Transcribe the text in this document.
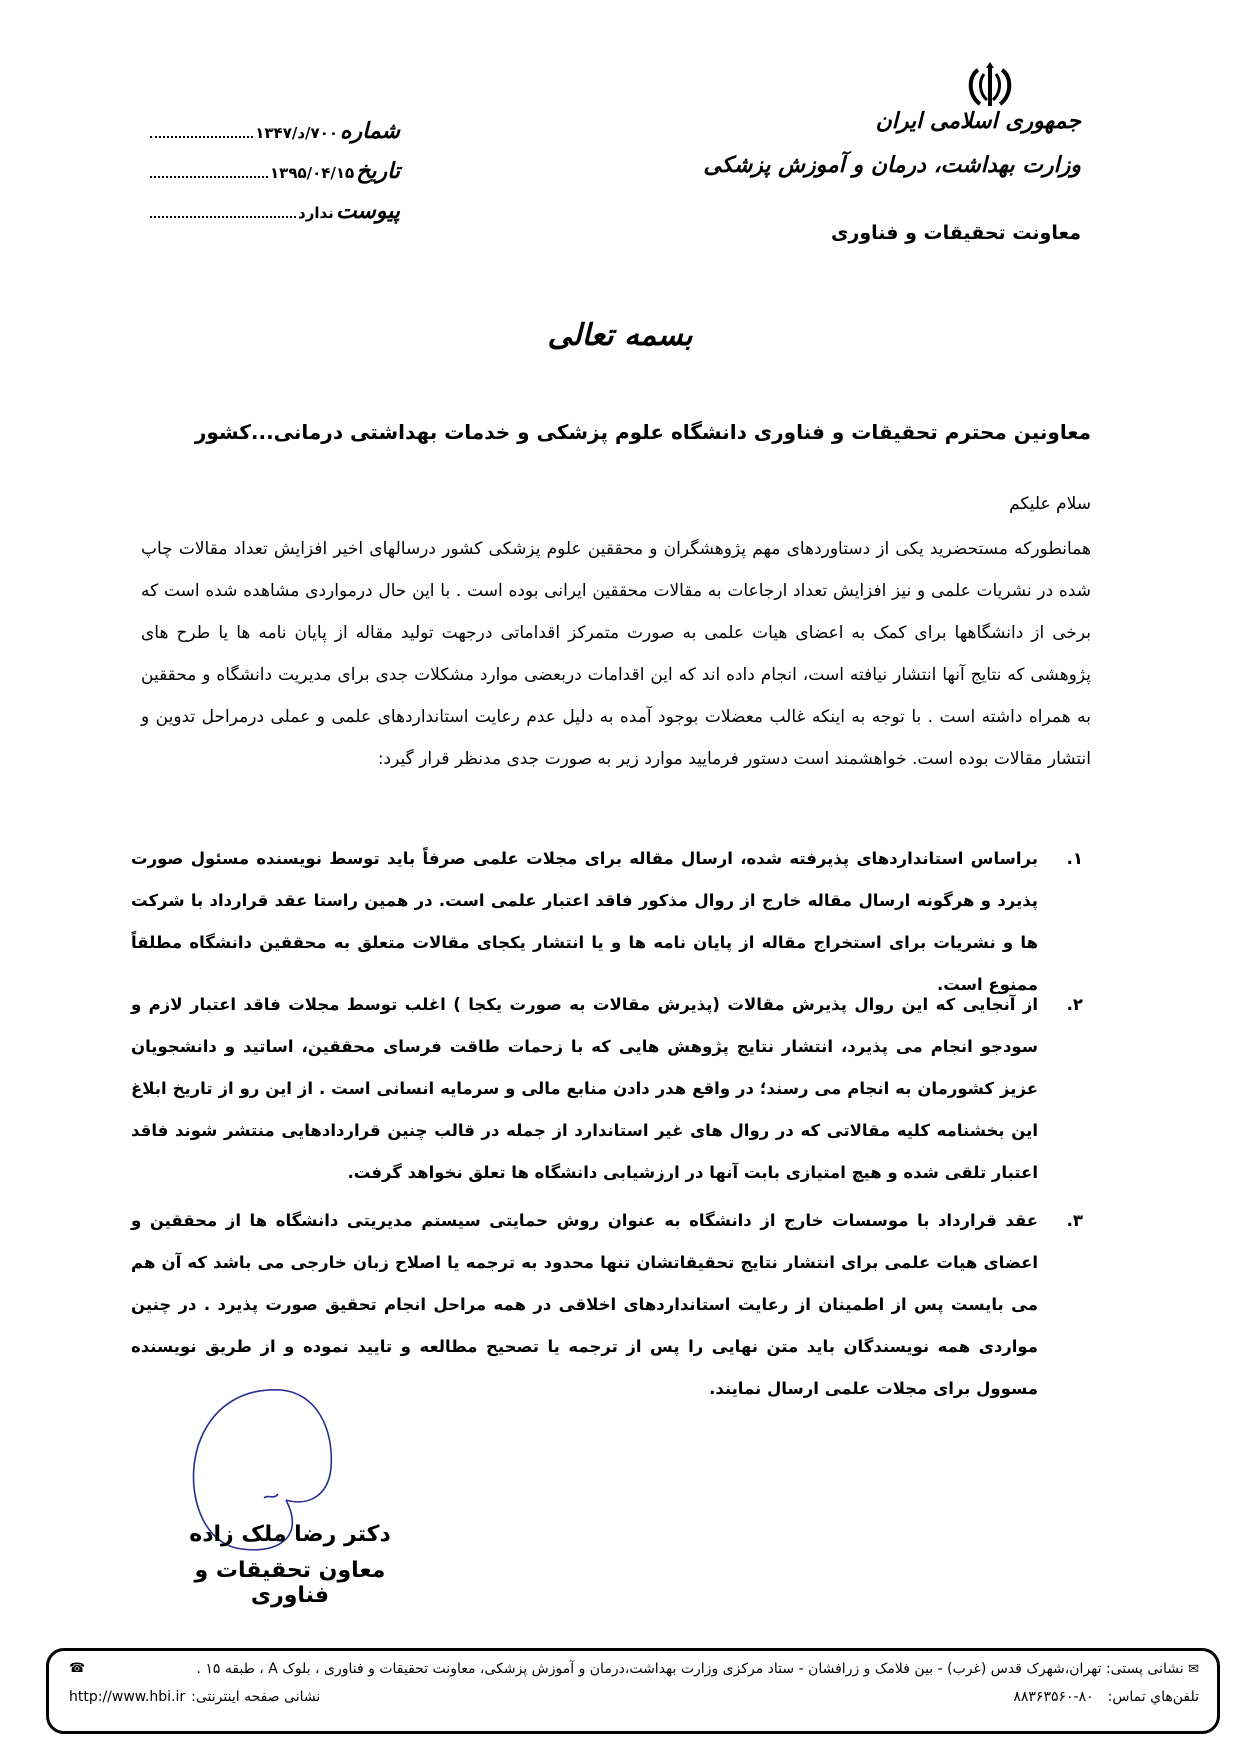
جمهوری اسلامی ایران
وزارت بهداشت، درمان و آموزش پزشکی
معاونت تحقیقات و فناوری
شماره
۷۰۰/د/۱۳۴۷
تاریخ
۱۳۹۵/۰۴/۱۵
پیوست
ندارد
بسمه تعالی
معاونین محترم تحقیقات و فناوری دانشگاه علوم پزشکی و خدمات بهداشتی درمانی...کشور
سلام علیکم
همانطورکه مستحضرید یکی از دستاوردهای مهم پژوهشگران و محققین علوم پزشکی کشور درسالهای اخیر افزایش تعداد مقالات چاپ شده در نشریات علمی و نیز افزایش تعداد ارجاعات به مقالات محققین ایرانی بوده است . با این حال درمواردی مشاهده شده است که برخی از دانشگاهها برای کمک به اعضای هیات علمی به صورت متمرکز اقداماتی درجهت تولید مقاله از پایان نامه ها یا طرح های پژوهشی که نتایج آنها انتشار نیافته است، انجام داده اند که این اقدامات دربعضی موارد مشکلات جدی برای مدیریت دانشگاه و محققین به همراه داشته است . با توجه به اینکه غالب معضلات بوجود آمده به دلیل عدم رعایت استانداردهای علمی و عملی درمراحل تدوین و انتشار مقالات بوده است. خواهشمند است دستور فرمایید موارد زیر به صورت جدی مدنظر قرار گیرد:
۱.
براساس استانداردهای پذیرفته شده، ارسال مقاله برای مجلات علمی صرفاً باید توسط نویسنده مسئول صورت پذیرد و هرگونه ارسال مقاله خارج از روال مذکور فاقد اعتبار علمی است. در همین راستا عقد قرارداد با شرکت ها و نشریات برای استخراج مقاله از پایان نامه ها و یا انتشار یکجای مقالات متعلق به محققین دانشگاه مطلقاً ممنوع است.
۲.
از آنجایی که این روال پذیرش مقالات (پذیرش مقالات به صورت یکجا ) اغلب توسط مجلات فاقد اعتبار لازم و سودجو انجام می پذیرد، انتشار نتایج پژوهش هایی که با زحمات طاقت فرسای محققین، اساتید و دانشجویان عزیز کشورمان به انجام می رسند؛ در واقع هدر دادن منابع مالی و سرمایه انسانی است . از این رو از تاریخ ابلاغ این بخشنامه کلیه مقالاتی که در روال های غیر استاندارد از جمله در قالب چنین قراردادهایی منتشر شوند فاقد اعتبار تلقی شده و هیچ امتیازی بابت آنها در ارزشیابی دانشگاه ها تعلق نخواهد گرفت.
۳.
عقد قرارداد با موسسات خارج از دانشگاه به عنوان روش حمایتی سیستم مدیریتی دانشگاه ها از محققین و اعضای هیات علمی برای انتشار نتایج تحقیقاتشان تنها محدود به ترجمه یا اصلاح زبان خارجی می باشد که آن هم می بایست پس از اطمینان از رعایت استانداردهای اخلاقی در همه مراحل انجام تحقیق صورت پذیرد . در چنین مواردی همه نویسندگان باید متن نهایی را پس از ترجمه یا تصحیح مطالعه و تایید نموده و از طریق نویسنده مسوول برای مجلات علمی ارسال نمایند.
دکتر رضا ملک زاده
معاون تحقیقات و فناوری
✉ نشانی پستی: تهران،شهرک قدس (غرب) - بین فلامک و زرافشان - ستاد مرکزی وزارت بهداشت،درمان و آموزش پزشکی، معاونت تحقیقات و فناوری ، بلوک A ، طبقه ۱۵ .
☎
تلفن‌هاي تماس:
۸۸۳۶۳۵۶۰-۸۰
نشانی صفحه اینترنتی:
http://www.hbi.ir
